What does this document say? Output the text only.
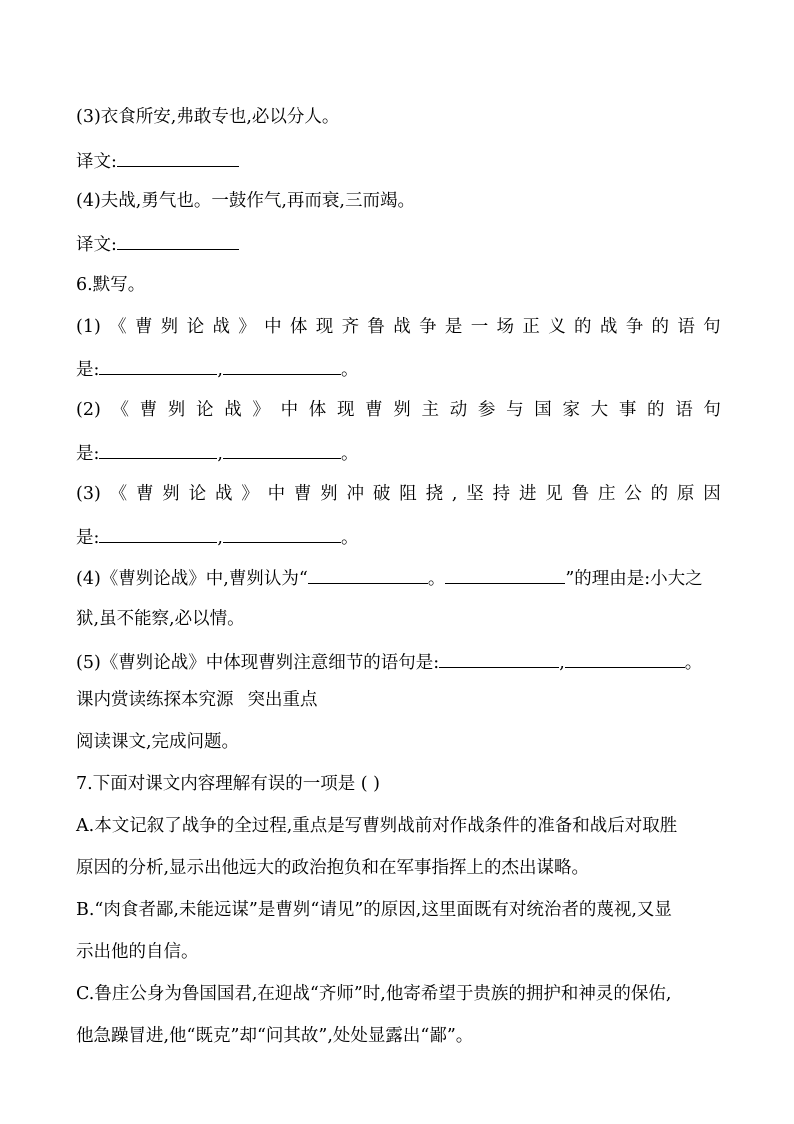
(3)衣食所安,弗敢专也,必以分人。
译文:
(4)夫战,勇气也。一鼓作气,再而衰,三而竭。
译文:
6.默写。
(1) 《 曹 刿 论 战 》 中 体 现 齐 鲁 战 争 是 一 场 正 义 的 战 争 的 语 句
是:	,	。
(2) 《 曹 刿 论 战 》 中 体 现 曹 刿 主 动 参 与 国 家 大 事 的 语 句
是:	,	。
(3) 《 曹 刿 论 战 》 中 曹 刿 冲 破 阻 挠 , 坚 持 进 见 鲁 庄 公 的 原 因
是:	,	。
(4)《曹刿论战》中,曹刿认为“	。	”的理由是:小大之
狱,虽不能察,必以情。
(5)《曹刿论战》中体现曹刿注意细节的语句是:	,	。
课内赏读练探本究源 突出重点
阅读课文,完成问题。
7.下面对课文内容理解有误的一项是 ( )
A.本文记叙了战争的全过程,重点是写曹刿战前对作战条件的准备和战后对取胜
原因的分析,显示出他远大的政治抱负和在军事指挥上的杰出谋略。
B.“肉食者鄙,未能远谋”是曹刿“请见”的原因,这里面既有对统治者的蔑视,又显
示出他的自信。
C.鲁庄公身为鲁国国君,在迎战“齐师”时,他寄希望于贵族的拥护和神灵的保佑,
他急躁冒进,他“既克”却“问其故”,处处显露出“鄙”。
